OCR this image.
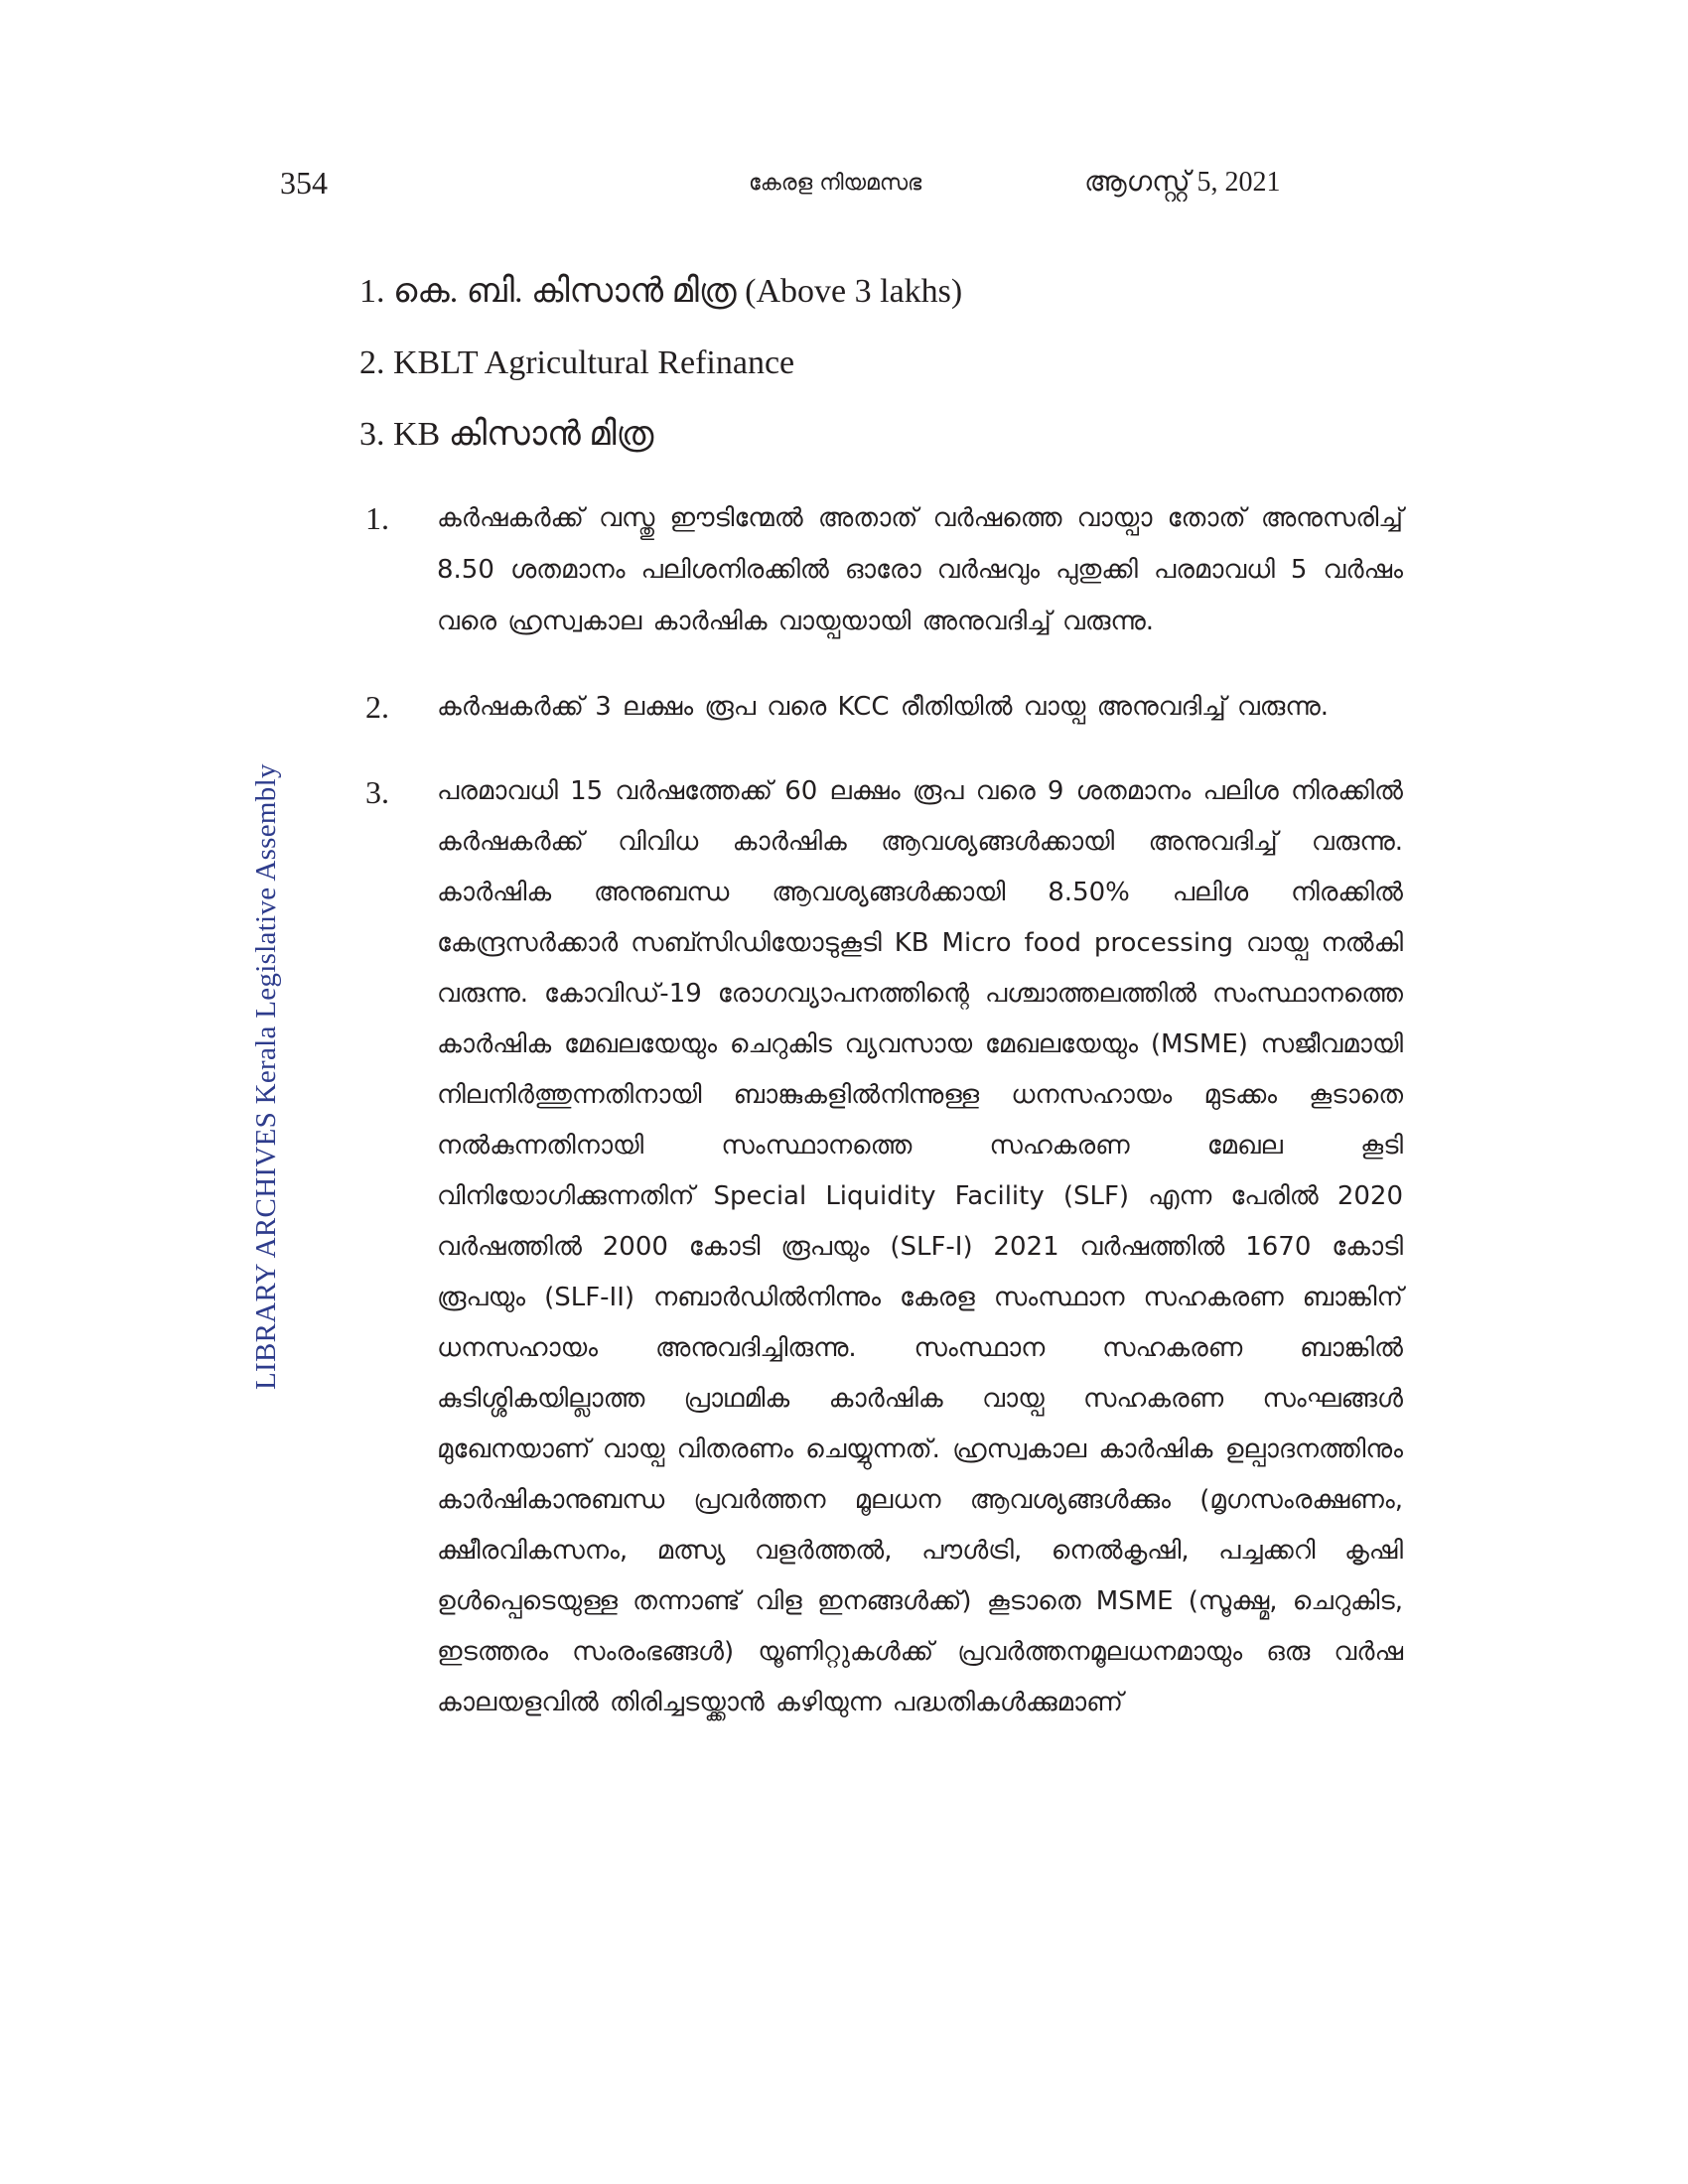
354	കേരള നിയമസഭ	ആഗസ്റ്റ് 5, 2021
LIBRARY ARCHIVES Kerala Legislative Assembly
1. കെ. ബി. കിസാൻ മിത്ര (Above 3 lakhs)
2. KBLT Agricultural Refinance
3. KB കിസാൻ മിത്ര
1.	കർഷകർക്ക് വസ്തു ഈടിന്മേൽ അതാത് വർഷത്തെ വായ്പാ തോത് അനുസരിച്ച് 8.50 ശതമാനം പലിശനിരക്കിൽ ഓരോ വർഷവും പുതുക്കി പരമാവധി 5 വർഷം വരെ ഹ്രസ്വകാല കാർഷിക വായ്പയായി അനുവദിച്ച് വരുന്നു.
2.	കർഷകർക്ക് 3 ലക്ഷം രൂപ വരെ KCC രീതിയിൽ വായ്പ അനുവദിച്ച് വരുന്നു.
3.	പരമാവധി 15 വർഷത്തേക്ക് 60 ലക്ഷം രൂപ വരെ 9 ശതമാനം പലിശ നിരക്കിൽ കർഷകർക്ക് വിവിധ കാർഷിക ആവശ്യങ്ങൾക്കായി അനുവദിച്ച് വരുന്നു. കാർഷിക അനുബന്ധ ആവശ്യങ്ങൾക്കായി 8.50% പലിശ നിരക്കിൽ കേന്ദ്രസർക്കാർ സബ്സിഡിയോടുകൂടി KB Micro food processing വായ്പ നൽകി വരുന്നു. കോവിഡ്-19 രോഗവ്യാപനത്തിന്റെ പശ്ചാത്തലത്തിൽ സംസ്ഥാനത്തെ കാർഷിക മേഖലയേയും ചെറുകിട വ്യവസായ മേഖലയേയും (MSME) സജീവമായി നിലനിർത്തുന്നതിനായി ബാങ്കുകളിൽനിന്നുള്ള ധനസഹായം മുടക്കം കൂടാതെ നൽകുന്നതിനായി സംസ്ഥാനത്തെ സഹകരണ മേഖല കൂടി വിനിയോഗിക്കുന്നതിന് Special Liquidity Facility (SLF) എന്ന പേരിൽ 2020 വർഷത്തിൽ 2000 കോടി രൂപയും (SLF-I) 2021 വർഷത്തിൽ 1670 കോടി രൂപയും (SLF-II) നബാർഡിൽനിന്നും കേരള സംസ്ഥാന സഹകരണ ബാങ്കിന് ധനസഹായം അനുവദിച്ചിരുന്നു. സംസ്ഥാന സഹകരണ ബാങ്കിൽ കുടിശ്ശികയില്ലാത്ത പ്രാഥമിക കാർഷിക വായ്പ സഹകരണ സംഘങ്ങൾ മുഖേനയാണ് വായ്പ വിതരണം ചെയ്യുന്നത്. ഹ്രസ്വകാല കാർഷിക ഉല്പാദനത്തിനും കാർഷികാനുബന്ധ പ്രവർത്തന മൂലധന ആവശ്യങ്ങൾക്കും (മൃഗസംരക്ഷണം, ക്ഷീരവികസനം, മത്സ്യ വളർത്തൽ, പൗൾട്രി, നെൽകൃഷി, പച്ചക്കറി കൃഷി ഉൾപ്പെടെയുള്ള തന്നാണ്ട് വിള ഇനങ്ങൾക്ക്) കൂടാതെ MSME (സൂക്ഷ്മ, ചെറുകിട, ഇടത്തരം സംരംഭങ്ങൾ) യൂണിറ്റുകൾക്ക് പ്രവർത്തനമൂലധനമായും ഒരു വർഷ കാലയളവിൽ തിരിച്ചടയ്ക്കാൻ കഴിയുന്ന പദ്ധതികൾക്കുമാണ്
